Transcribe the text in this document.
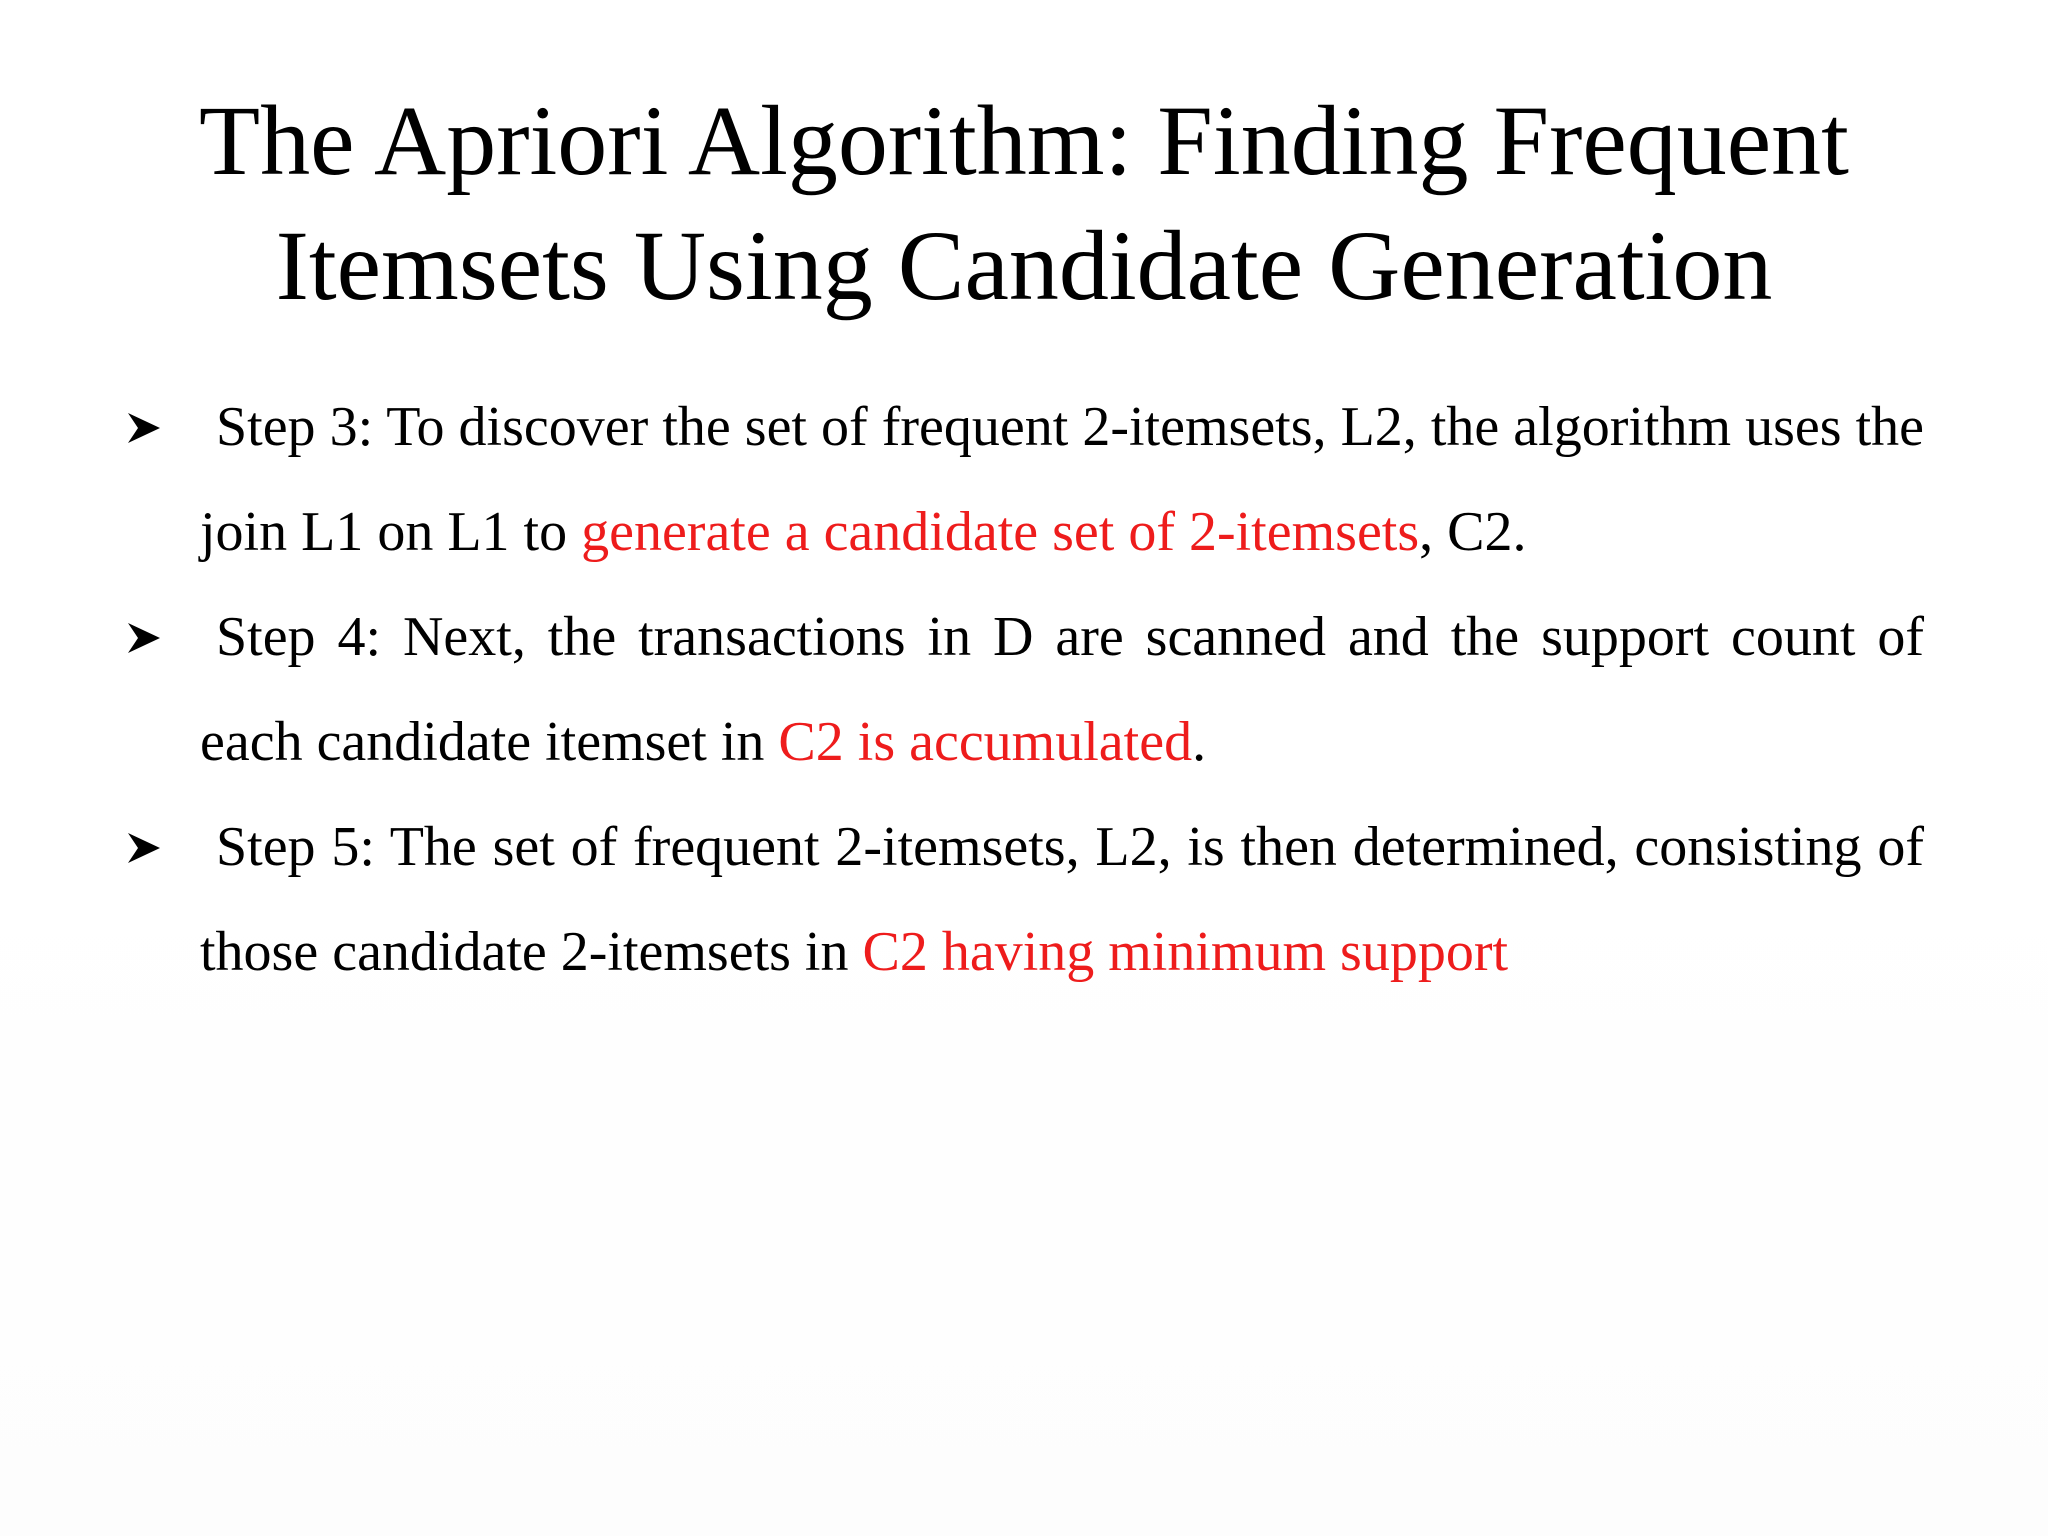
The Apriori Algorithm: Finding Frequent
Itemsets Using Candidate Generation
Step 3: To discover the set of frequent 2-itemsets, L2, the algorithm uses the join L1 on L1 to generate a candidate set of 2-itemsets, C2.
Step 4: Next, the transactions in D are scanned and the support count of each candidate itemset in C2 is accumulated.
Step 5: The set of frequent 2-itemsets, L2, is then determined, consisting of those candidate 2-itemsets in C2 having minimum support
